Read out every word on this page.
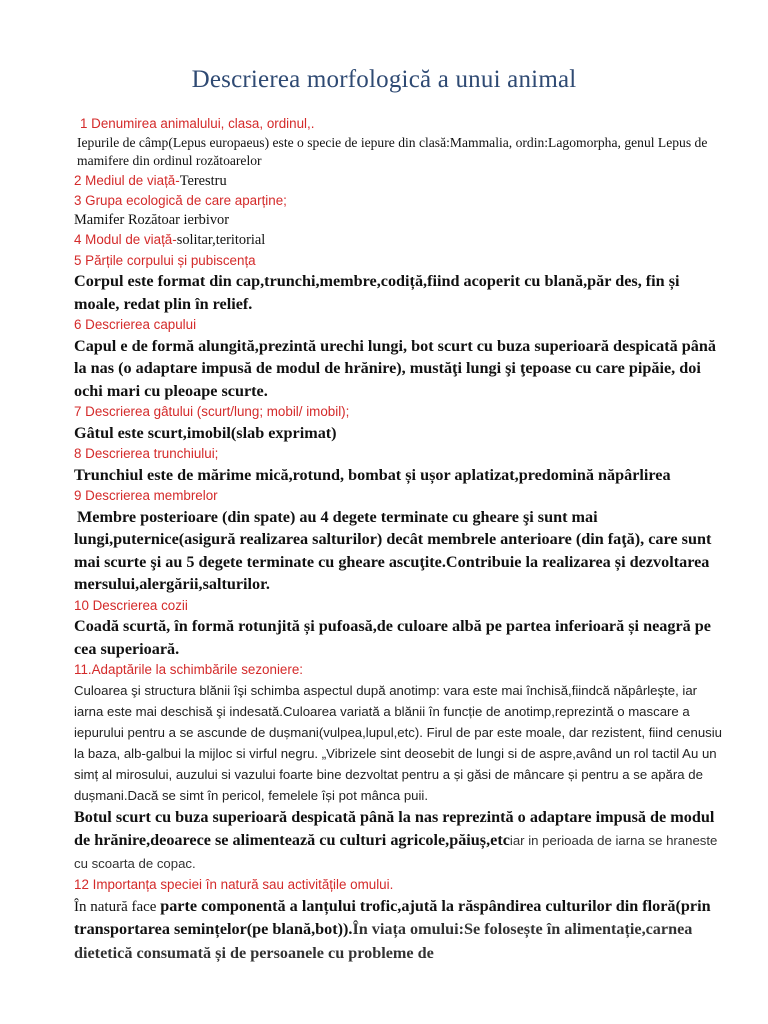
Descrierea morfologică a unui animal

1 Denumirea animalului, clasa, ordinul,.

Iepurile de câmp(Lepus europaeus) este o specie de iepure din clasă:Mammalia, ordin:Lagomorpha, genul Lepus de mamifere din ordinul rozătoarelor

2 Mediul de viață-Terestru

3 Grupa ecologică de care aparține;

Mamifer Rozătoar ierbivor

4 Modul de viață-solitar,teritorial

5 Părțile corpului și pubiscența

Corpul este format din cap,trunchi,membre,codiță,fiind acoperit cu blană,păr des, fin și moale, redat plin în relief.

6 Descrierea capului

Capul e de formă alungită,prezintă urechi lungi, bot scurt cu buza superioară despicată până la nas (o adaptare impusă de modul de hrănire), mustăţi lungi şi ţepoase cu care pipăie, doi ochi mari cu pleoape scurte.

7 Descrierea gâtului (scurt/lung; mobil/ imobil);

Gâtul este scurt,imobil(slab exprimat)

8 Descrierea trunchiului;

Trunchiul este de mărime mică,rotund, bombat și ușor aplatizat,predomină năpârlirea

9 Descrierea membrelor

Membre posterioare (din spate) au 4 degete terminate cu gheare şi sunt mai lungi,puternice(asigură realizarea salturilor) decât membrele anterioare (din faţă), care sunt mai scurte şi au 5 degete terminate cu gheare ascuţite.Contribuie la realizarea și dezvoltarea mersului,alergării,salturilor.

10 Descrierea cozii

Coadă scurtă, în formă rotunjită și pufoasă,de culoare albă pe partea inferioară și neagră pe cea superioară.

11.Adaptările la schimbările sezoniere:

Culoarea şi structura blănii îşi schimba aspectul după anotimp: vara este mai închisă,fiindcă năpârleşte, iar iarna este mai deschisă şi indesată.Culoarea variată a blănii în funcție de anotimp,reprezintă o mascare a iepurului pentru a se ascunde de dușmani(vulpea,lupul,etc). Firul de par este moale, dar rezistent, fiind cenusiu la baza, alb-galbui la mijloc si virful negru. „Vibrizele sint deosebit de lungi si de aspre,având un rol tactil Au un simț al mirosului, auzului si vazului foarte bine dezvoltat pentru a și găsi de mâncare și pentru a se apăra de dușmani.Dacă se simt în pericol, femelele își pot mânca puii.

Botul scurt cu buza superioară despicată până la nas reprezintă o adaptare impusă de modul de hrănire,deoarece se alimentează cu culturi agricole,păiuș,etciar in perioada de iarna se hraneste cu scoarta de copac.

12 Importanța speciei în natură sau activitățile omului.

În natură face parte componentă a lanțului trofic,ajută la răspândirea culturilor din floră(prin transportarea semințelor(pe blană,bot)).În viața omului:Se folosește în alimentație,carnea dietetică consumată și de persoanele cu probleme de
